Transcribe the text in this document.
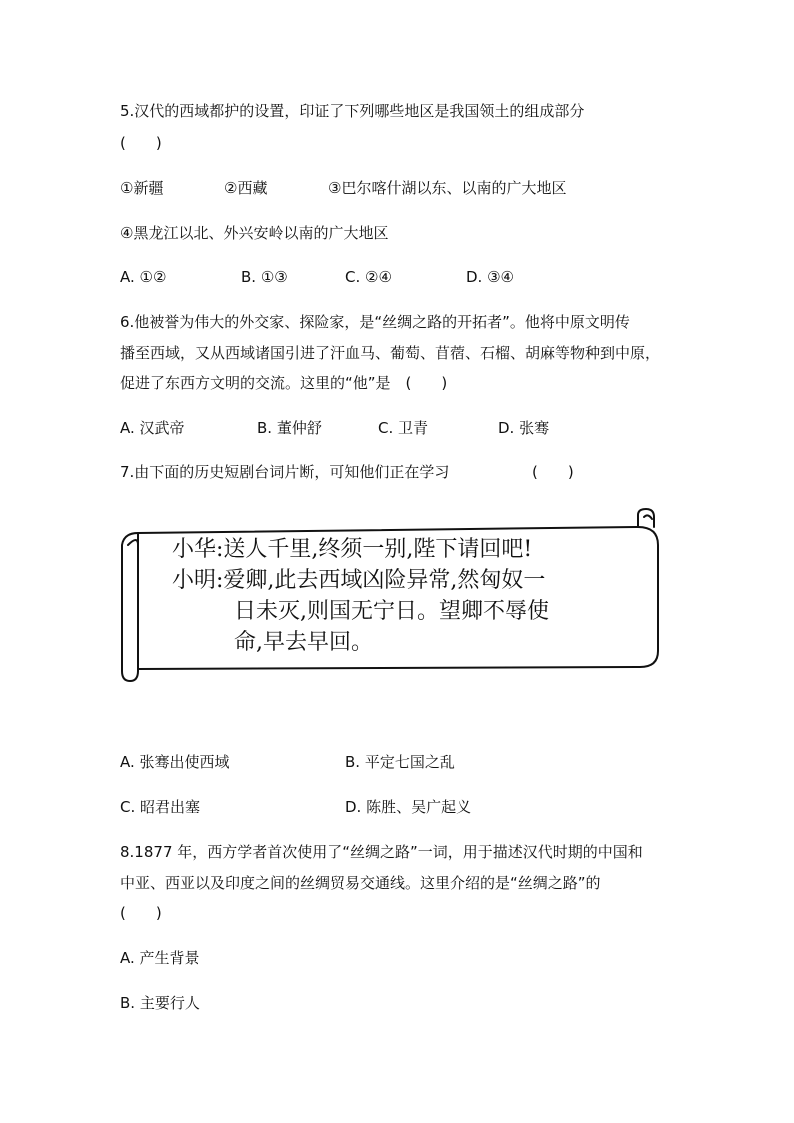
5.汉代的西域都护的设置，印证了下列哪些地区是我国领土的组成部分

(  )

①新疆	②西藏	③巴尔喀什湖以东、以南的广大地区
④黑龙江以北、外兴安岭以南的广大地区
A. ①②	B. ①③	C. ②④	D. ③④

6.他被誉为伟大的外交家、探险家，是“丝绸之路的开拓者”。他将中原文明传

播至西域，又从西域诸国引进了汗血马、葡萄、苜蓿、石榴、胡麻等物种到中原，

促进了东西方文明的交流。这里的“他”是 (  )

A. 汉武帝	B. 董仲舒	C. 卫青	D. 张骞

7.由下面的历史短剧台词片断，可知他们正在学习	(  )
小华:送人千里,终须一别,陛下请回吧!
小明:爱卿,此去西域凶险异常,然匈奴一
日未灭,则国无宁日。望卿不辱使
命,早去早回。
A. 张骞出使西域	B. 平定七国之乱
C. 昭君出塞	D. 陈胜、吴广起义

8.1877 年，西方学者首次使用了“丝绸之路”一词，用于描述汉代时期的中国和

中亚、西亚以及印度之间的丝绸贸易交通线。这里介绍的是“丝绸之路”的

(  )

A. 产生背景
B. 主要行人
